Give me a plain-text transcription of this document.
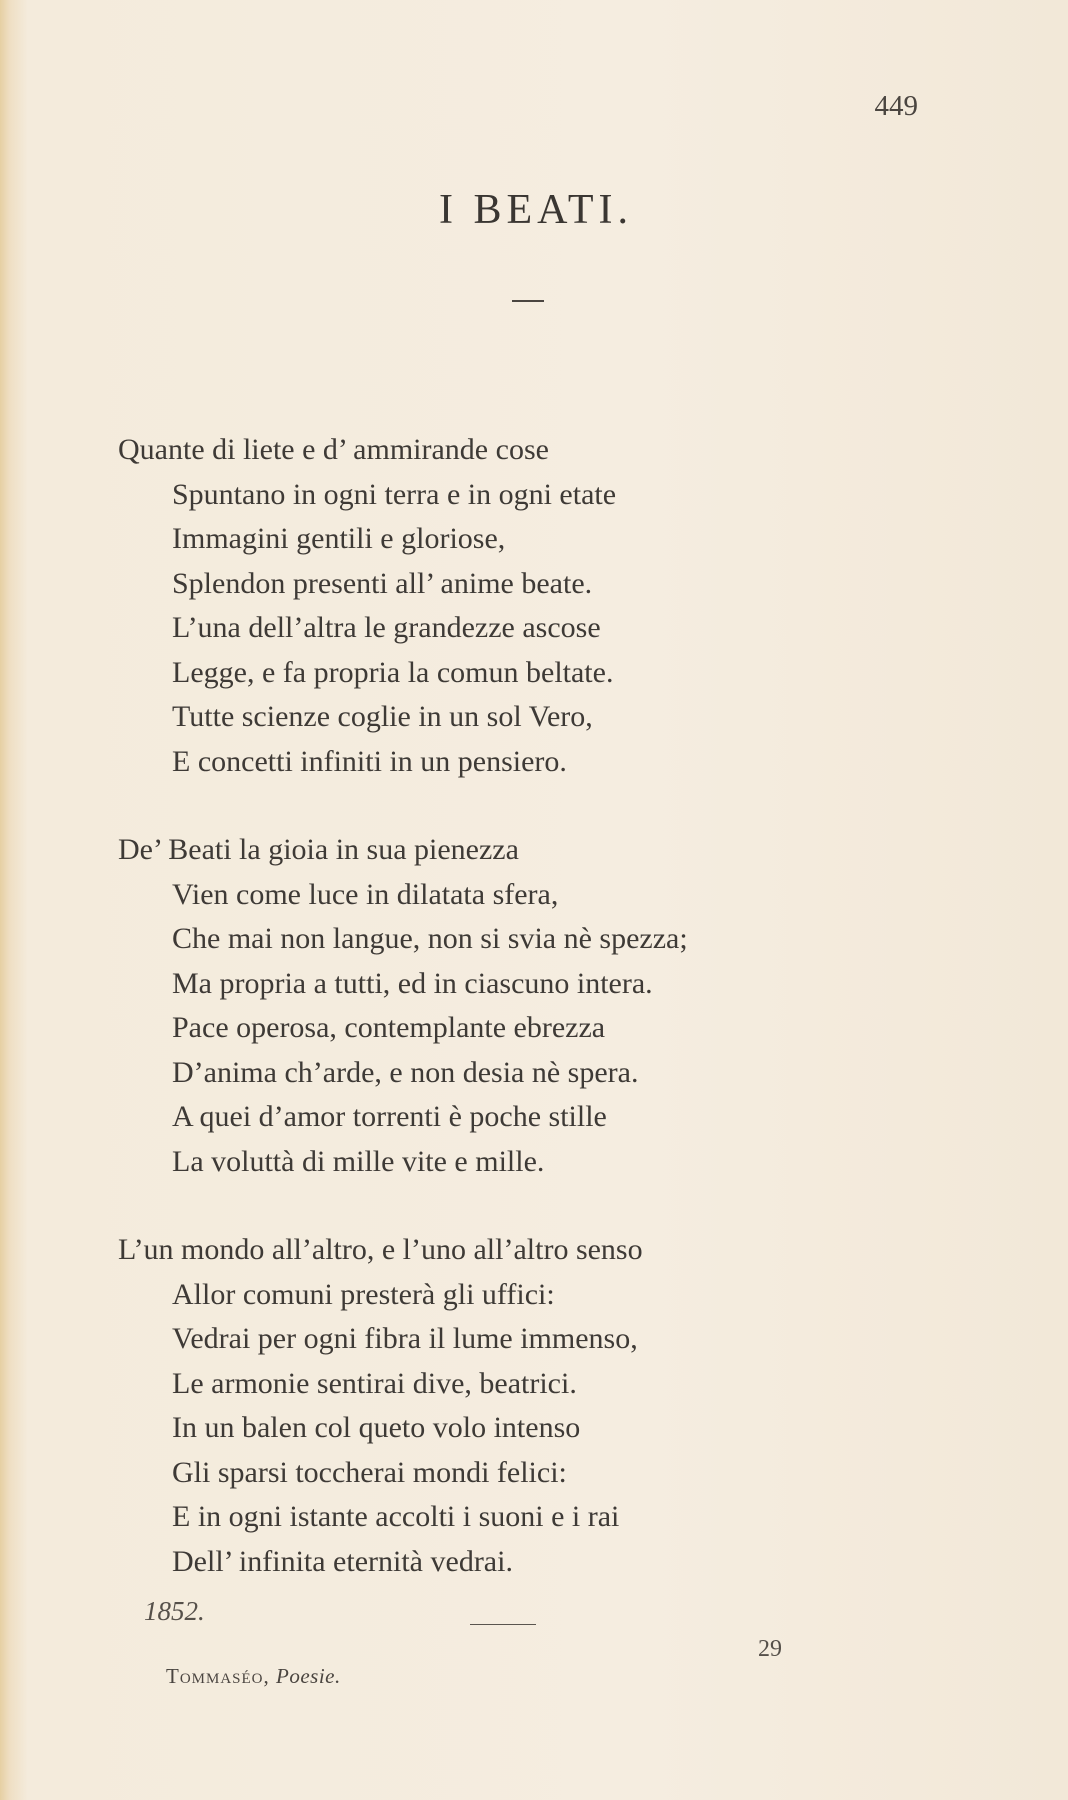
449
I BEATI.
Quante di liete e d’ ammirande cose
Spuntano in ogni terra e in ogni etate
Immagini gentili e gloriose,
Splendon presenti all’ anime beate.
L’una dell’altra le grandezze ascose
Legge, e fa propria la comun beltate.
Tutte scienze coglie in un sol Vero,
E concetti infiniti in un pensiero.
De’ Beati la gioia in sua pienezza
Vien come luce in dilatata sfera,
Che mai non langue, non si svia nè spezza;
Ma propria a tutti, ed in ciascuno intera.
Pace operosa, contemplante ebrezza
D’anima ch’arde, e non desia nè spera.
A quei d’amor torrenti è poche stille
La voluttà di mille vite e mille.
L’un mondo all’altro, e l’uno all’altro senso
Allor comuni presterà gli uffici:
Vedrai per ogni fibra il lume immenso,
Le armonie sentirai dive, beatrici.
In un balen col queto volo intenso
Gli sparsi toccherai mondi felici:
E in ogni istante accolti i suoni e i rai
Dell’ infinita eternità vedrai.
1852.
29
Tommaséo, Poesie.
